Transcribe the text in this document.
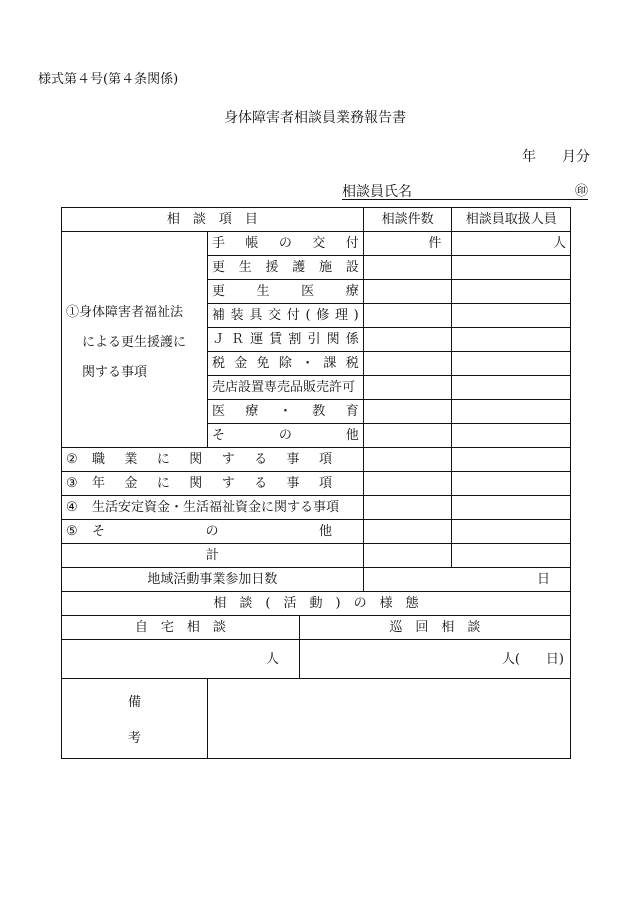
様式第４号(第４条関係)
身体障害者相談員業務報告書
年 月分
相談員氏名	㊞
相　談　項　目			相談件数	相談員取扱人員

①身体障害者福祉法
による更生援護に
関する事項	手帳の交付		件	人
	更生援護施設			
	更生医療			
	補装具交付(修理)			
	ＪＲ運賃割引関係			
	税金免除・課税			
	売店設置専売品販売許可			
	医療・教育			
	その他			
② 職業に関する事項				
③ 年金に関する事項				
④ 生活安定資金・生活福祉資金に関する事項				
⑤ その他				
計				
地域活動事業参加日数			日	
相　談　(　活　動　)　の　様　態				
自　宅　相　談		巡　回　相　談		
人		人(　　日)		

備
考				
